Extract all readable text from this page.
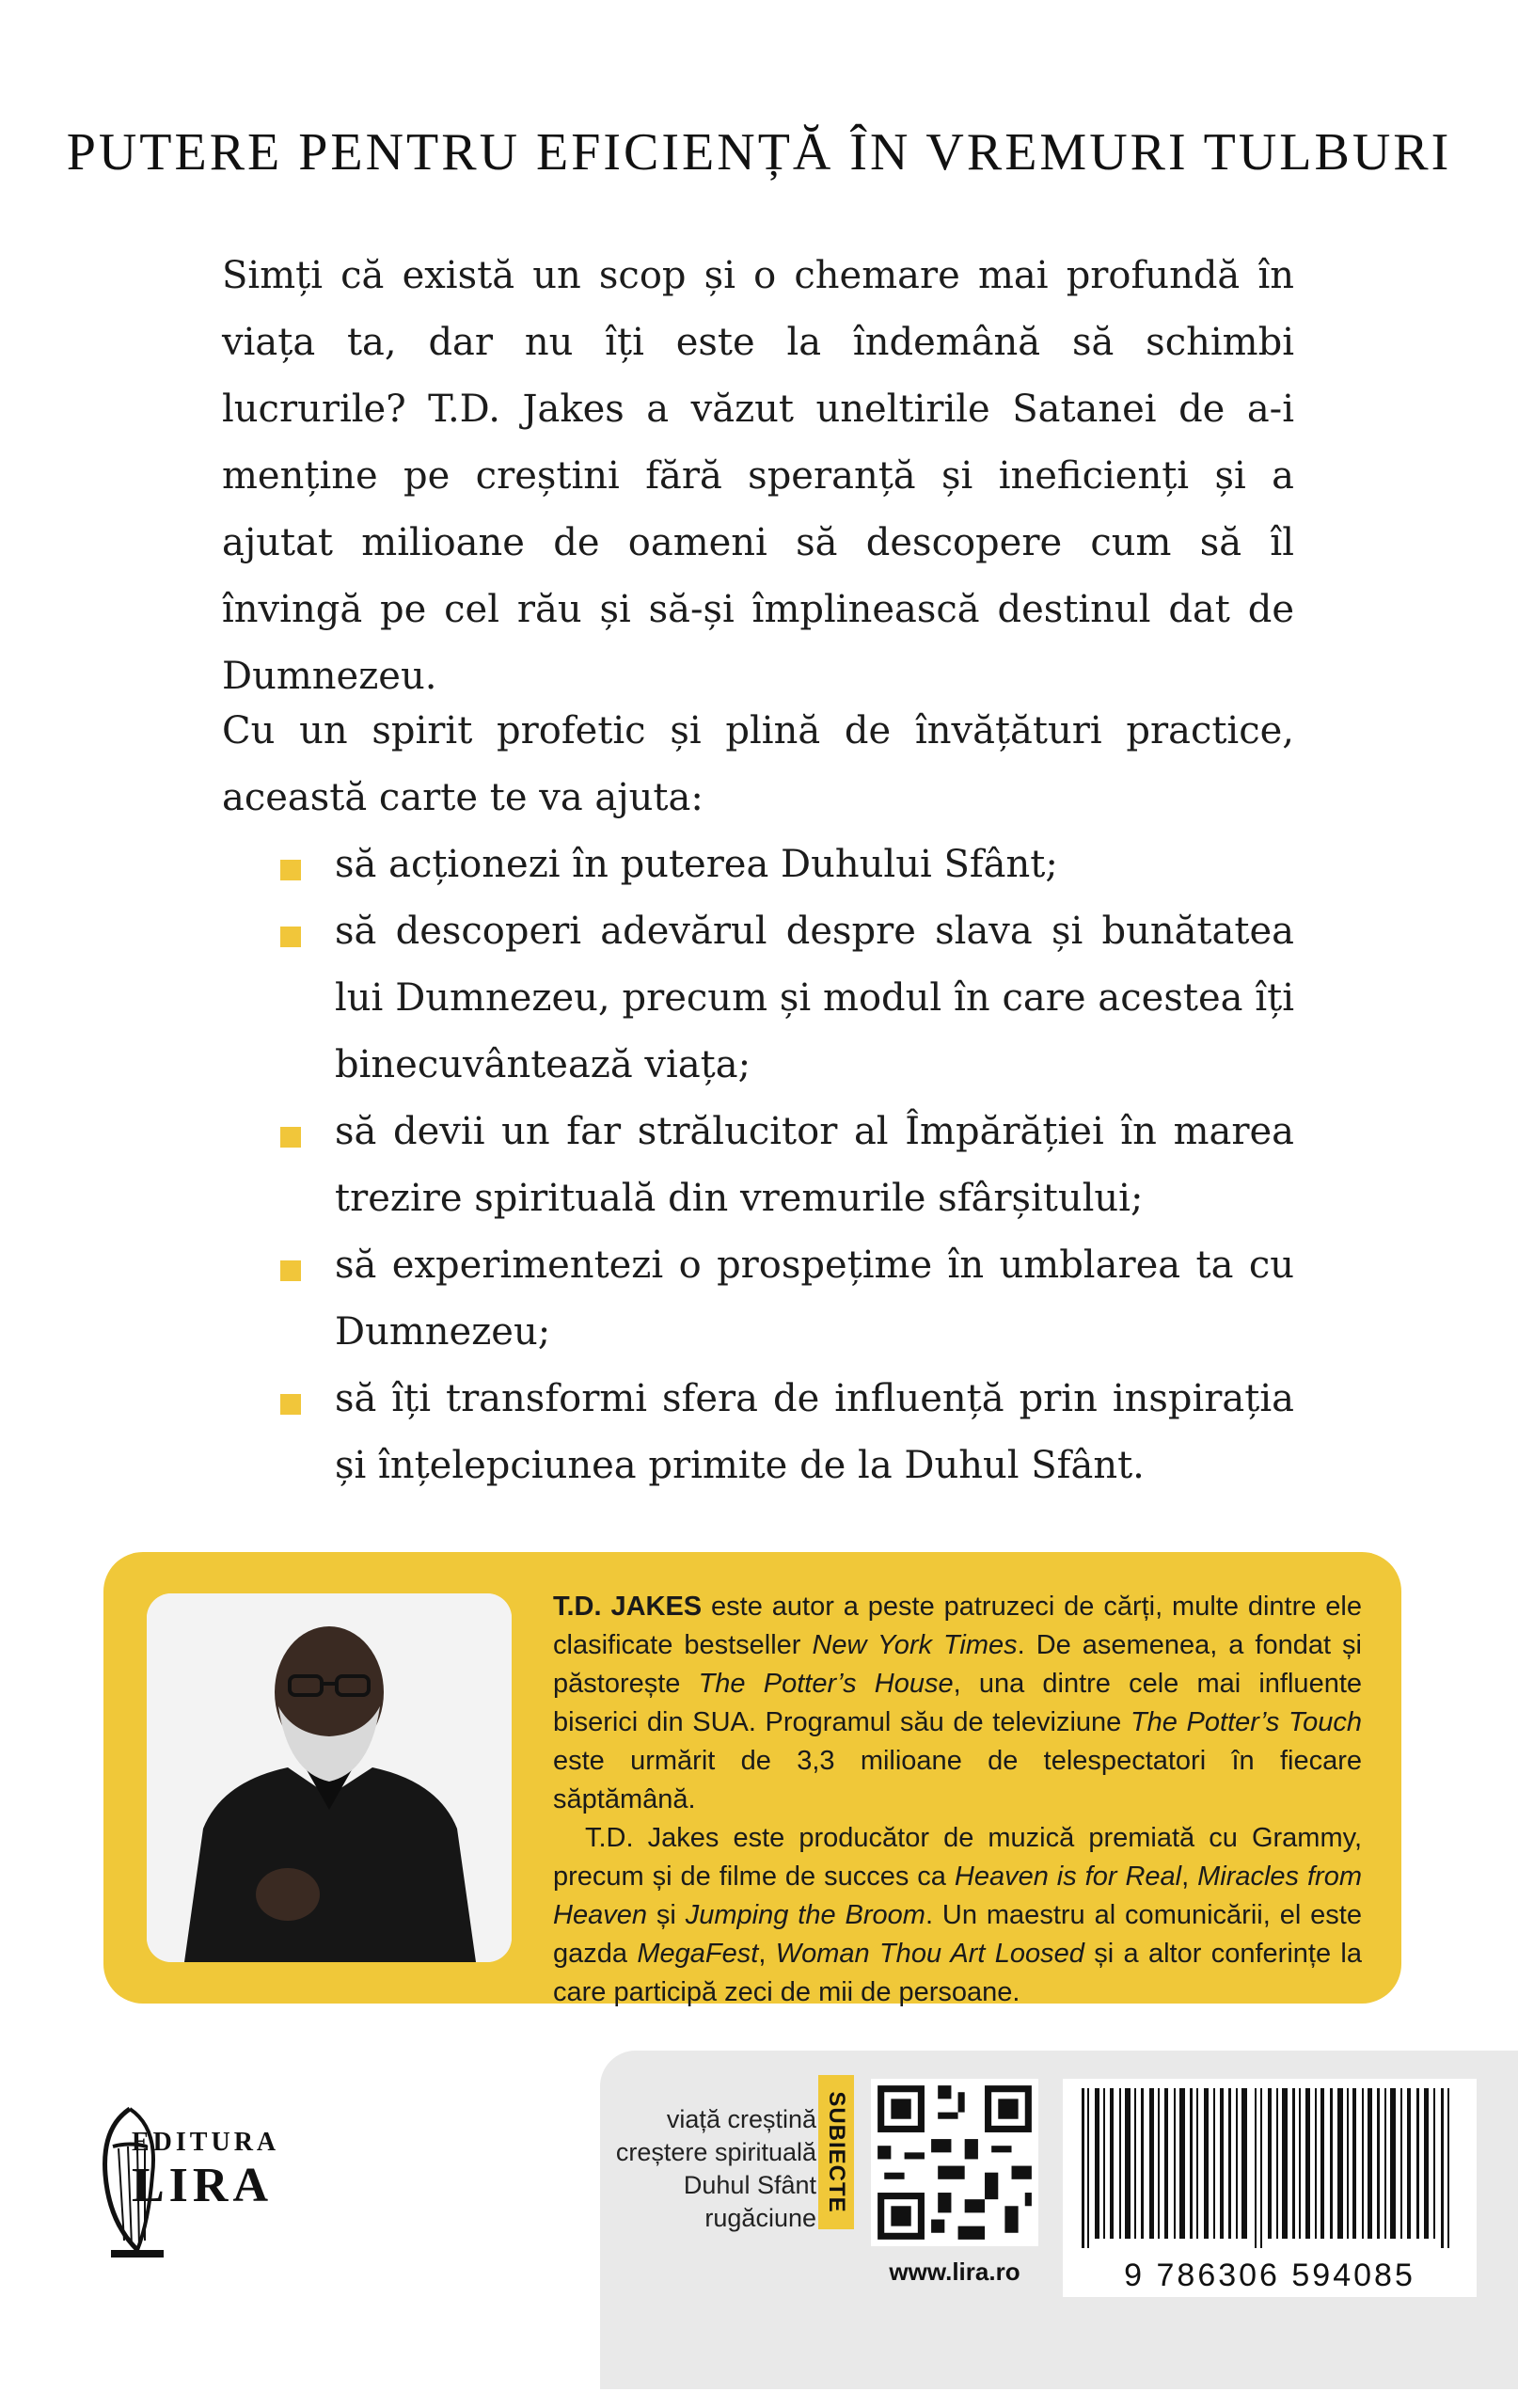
PUTERE PENTRU EFICIENȚĂ ÎN VREMURI TULBURI

Simți că există un scop și o chemare mai profundă în viața ta, dar nu îți este la îndemână să schimbi lucrurile? T.D. Jakes a văzut uneltirile Satanei de a-i menține pe creștini fără speranță și ineficienți și a ajutat milioane de oameni să descopere cum să îl învingă pe cel rău și să-și împlinească destinul dat de Dumnezeu.

Cu un spirit profetic și plină de învățături practice, această carte te va ajuta:

să acționezi în puterea Duhului Sfânt;
să descoperi adevărul despre slava și bunătatea lui Dumnezeu, precum și modul în care acestea îți binecuvântează viața;
să devii un far strălucitor al Împărăției în marea trezire spirituală din vremurile sfârșitului;
să experimentezi o prospețime în umblarea ta cu Dumnezeu;
să îți transformi sfera de influență prin inspirația și înțelepciunea primite de la Duhul Sfânt.

T.D. JAKES este autor a peste patruzeci de cărți, multe dintre ele clasificate bestseller New York Times. De asemenea, a fondat și păstorește The Potter’s House, una dintre cele mai influente biserici din SUA. Programul său de televiziune The Potter’s Touch este urmărit de 3,3 milioane de telespectatori în fiecare săptămână.

T.D. Jakes este producător de muzică premiată cu Grammy, precum și de filme de succes ca Heaven is for Real, Miracles from Heaven și Jumping the Broom. Un maestru al comunicării, el este gazda MegaFest, Woman Thou Art Loosed și a altor conferințe la care participă zeci de mii de persoane.

EDITURA
LIRA
viață creștină
creștere spirituală
Duhul Sfânt
rugăciune
SUBIECTE
www.lira.ro	9 786306 594085
